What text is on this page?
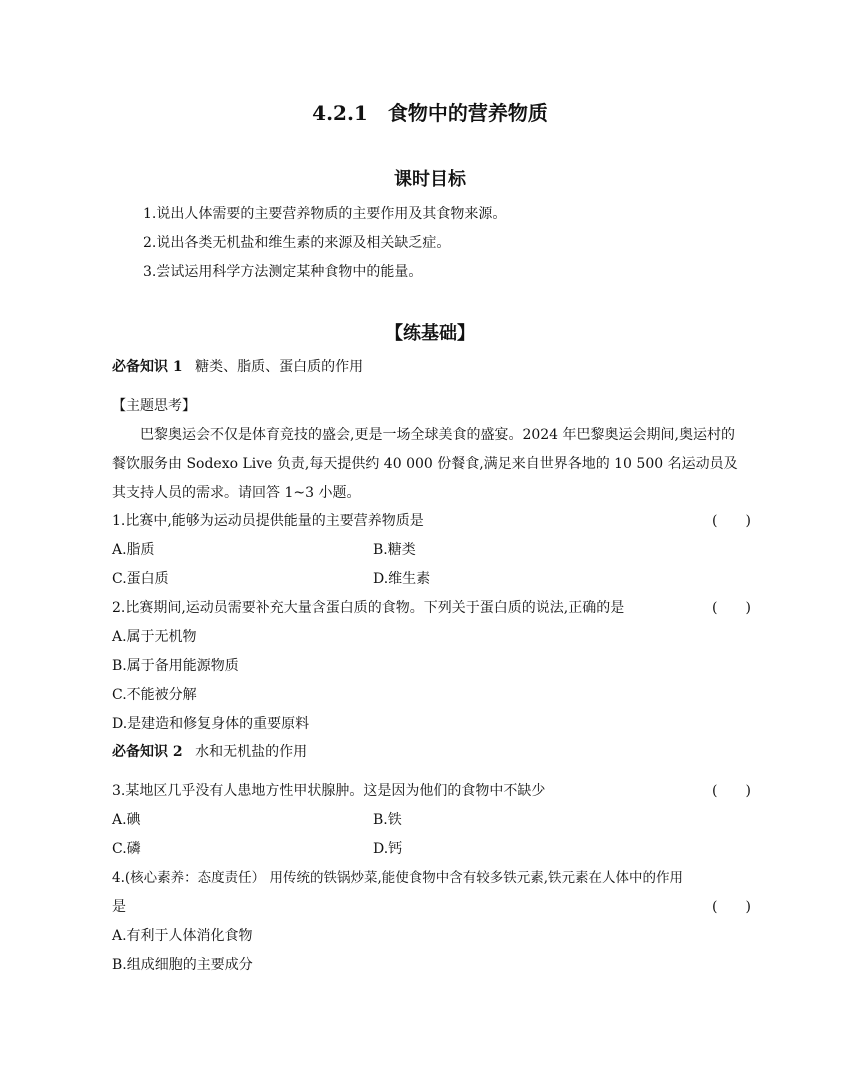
4.2.1　食物中的营养物质
课时目标
1.说出人体需要的主要营养物质的主要作用及其食物来源。
2.说出各类无机盐和维生素的来源及相关缺乏症。
3.尝试运用科学方法测定某种食物中的能量。
【练基础】
必备知识 1 糖类、脂质、蛋白质的作用
【主题思考】
巴黎奥运会不仅是体育竞技的盛会,更是一场全球美食的盛宴。2024 年巴黎奥运会期间,奥运村的餐饮服务由 Sodexo Live 负责,每天提供约 40 000 份餐食,满足来自世界各地的 10 500 名运动员及其支持人员的需求。请回答 1~3 小题。
1.比赛中,能够为运动员提供能量的主要营养物质是	(　　)
A.脂质	B.糖类
C.蛋白质	D.维生素
2.比赛期间,运动员需要补充大量含蛋白质的食物。下列关于蛋白质的说法,正确的是	(　　)
A.属于无机物
B.属于备用能源物质
C.不能被分解
D.是建造和修复身体的重要原料
必备知识 2 水和无机盐的作用
3.某地区几乎没有人患地方性甲状腺肿。这是因为他们的食物中不缺少	(　　)
A.碘	B.铁
C.磷	D.钙
4.(核心素养：态度责任） 用传统的铁锅炒菜,能使食物中含有较多铁元素,铁元素在人体中的作用
是	(　　)
A.有利于人体消化食物
B.组成细胞的主要成分
